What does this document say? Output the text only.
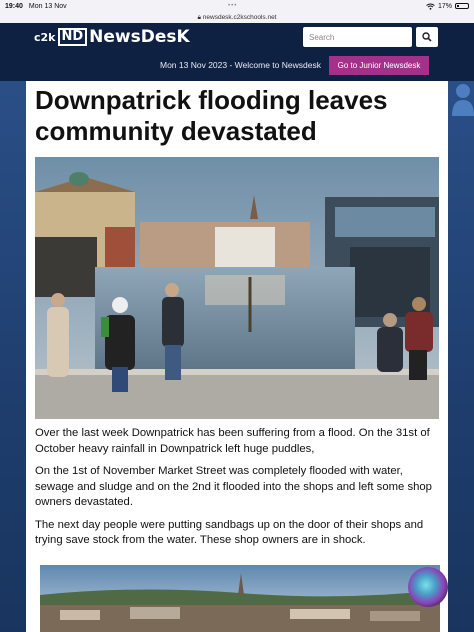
19:40 Mon 13 Nov	17%
•••
🔒︎ newsdesk.c2kschools.net
c2k ND NewsDesK
Search
Mon 13 Nov 2023 - Welcome to Newsdesk	Go to Junior Newsdesk
Downpatrick flooding leaves community devastated

Over the last week Downpatrick has been suffering from a flood. On the 31st of October heavy rainfall in Downpatrick left huge puddles,

On the 1st of November Market Street was completely flooded with water, sewage and sludge and on the 2nd it flooded into the shops and left some shop owners devastated.

The next day people were putting sandbags up on the door of their shops and trying save stock from the water. These shop owners are in shock.
